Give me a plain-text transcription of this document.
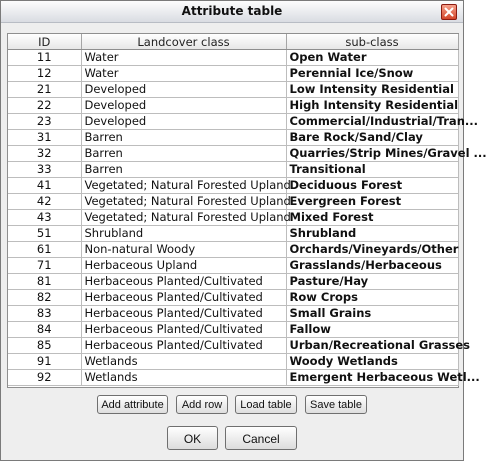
Attribute table
ID	Landcover class	sub-class
11	Water	Open Water
12	Water	Perennial Ice/Snow
21	Developed	Low Intensity Residential
22	Developed	High Intensity Residential
23	Developed	Commercial/Industrial/Tran...
31	Barren	Bare Rock/Sand/Clay
32	Barren	Quarries/Strip Mines/Gravel ...
33	Barren	Transitional
41	Vegetated; Natural Forested Upland	Deciduous Forest
42	Vegetated; Natural Forested Upland	Evergreen Forest
43	Vegetated; Natural Forested Upland	Mixed Forest
51	Shrubland	Shrubland
61	Non-natural Woody	Orchards/Vineyards/Other
71	Herbaceous Upland	Grasslands/Herbaceous
81	Herbaceous Planted/Cultivated	Pasture/Hay
82	Herbaceous Planted/Cultivated	Row Crops
83	Herbaceous Planted/Cultivated	Small Grains
84	Herbaceous Planted/Cultivated	Fallow
85	Herbaceous Planted/Cultivated	Urban/Recreational Grasses
91	Wetlands	Woody Wetlands
92	Wetlands	Emergent Herbaceous Wetl...
Add attribute	Add row	Load table	Save table
OK	Cancel
